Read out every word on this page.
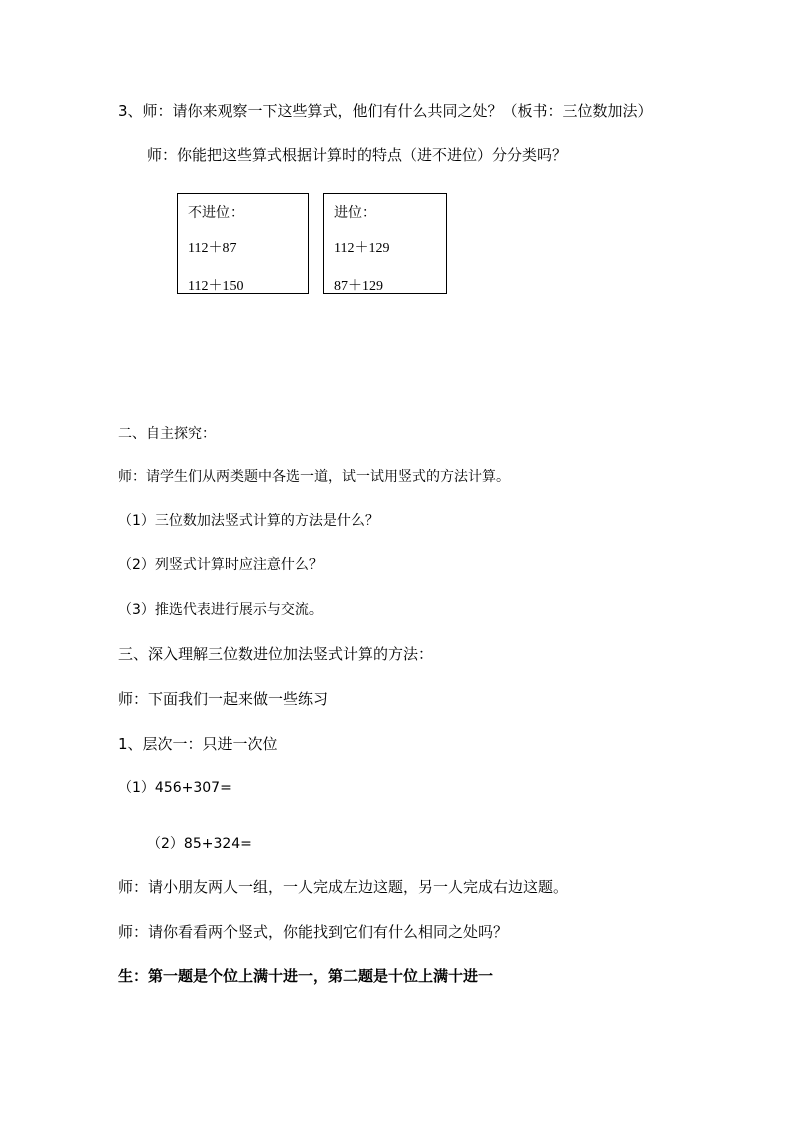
3、师：请你来观察一下这些算式，他们有什么共同之处？（板书：三位数加法）
师：你能把这些算式根据计算时的特点（进不进位）分分类吗？
不进位：
112＋87
112＋150
进位：
112＋129
87＋129
二、自主探究：
师：请学生们从两类题中各选一道，试一试用竖式的方法计算。
（1）三位数加法竖式计算的方法是什么？
（2）列竖式计算时应注意什么？
（3）推选代表进行展示与交流。
三、深入理解三位数进位加法竖式计算的方法：
师：下面我们一起来做一些练习
1、层次一：只进一次位
（1）456+307=
（2）85+324=
师：请小朋友两人一组，一人完成左边这题，另一人完成右边这题。
师：请你看看两个竖式，你能找到它们有什么相同之处吗？
生：第一题是个位上满十进一，第二题是十位上满十进一
